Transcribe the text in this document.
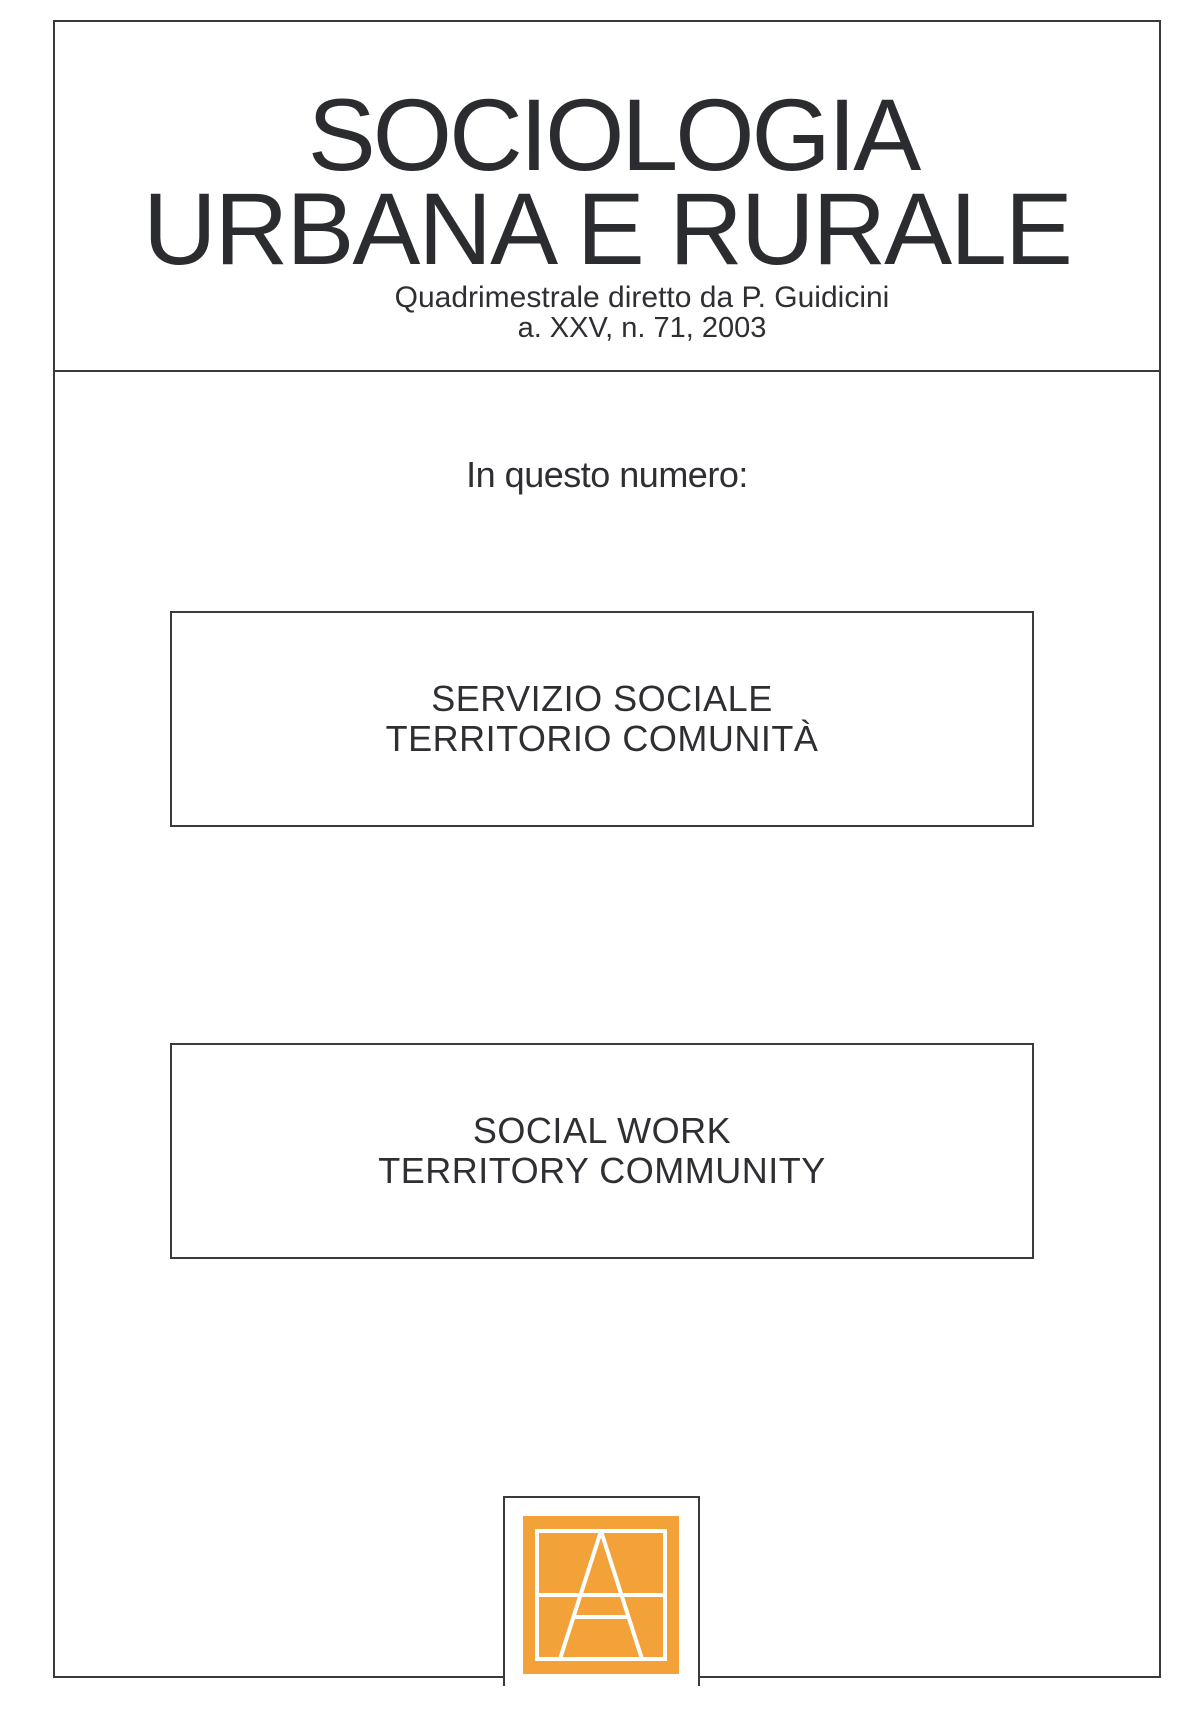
SOCIOLOGIA
URBANA E RURALE
Quadrimestrale diretto da P. Guidicini
a. XXV, n. 71, 2003
In questo numero:
SERVIZIO SOCIALE
TERRITORIO COMUNITÀ
SOCIAL WORK
TERRITORY COMMUNITY
